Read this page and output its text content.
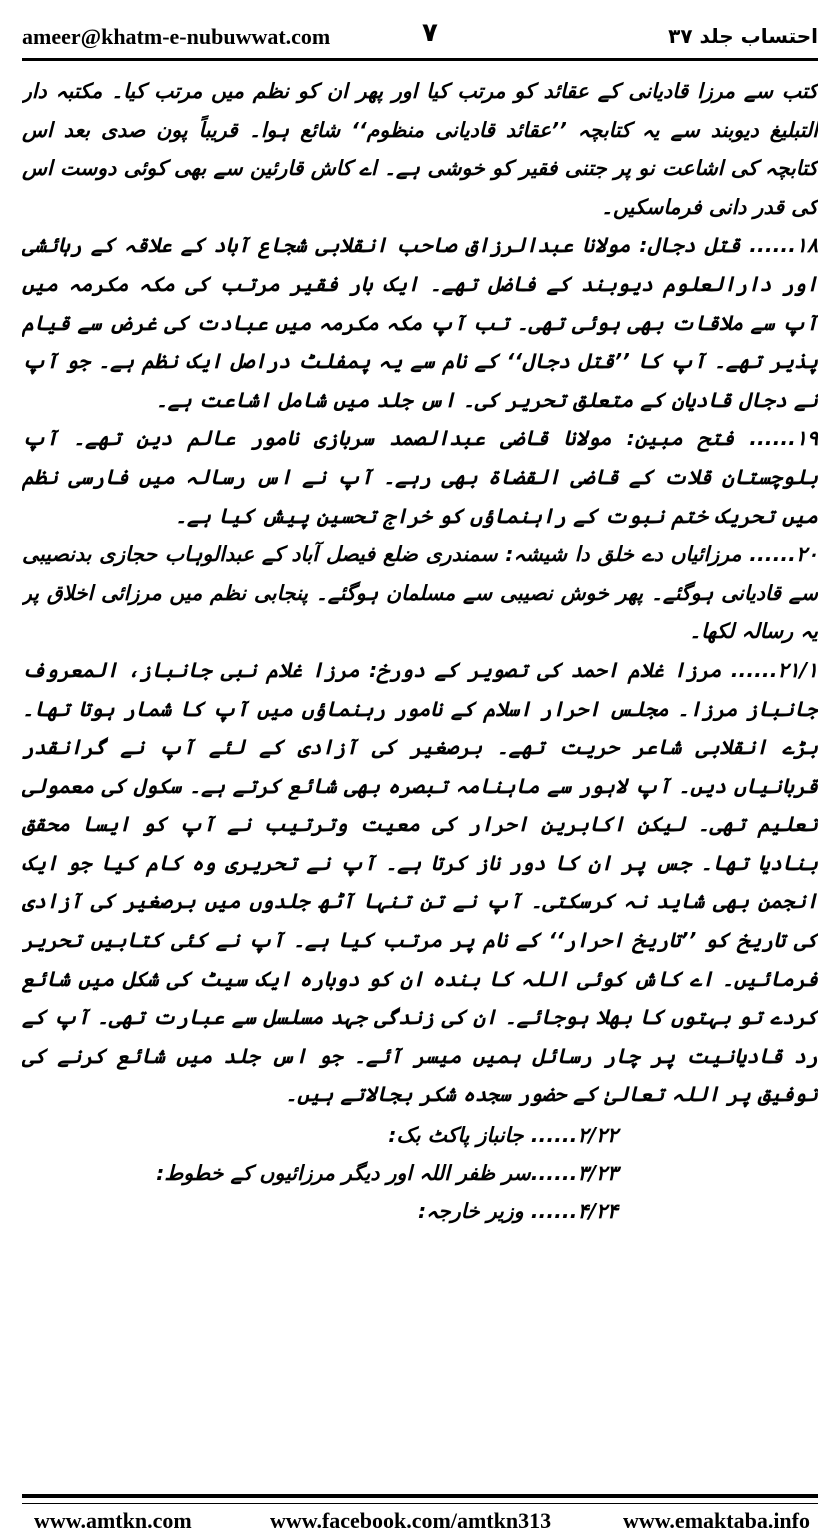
ameer@khatm-e-nubuwwat.com	۷	احتساب جلد ۳۷

کتب سے مرزا قادیانی کے عقائد کو مرتب کیا اور پھر ان کو نظم میں مرتب کیا۔ مکتبہ دار التبلیغ دیوبند سے یہ کتابچہ ’’عقائد قادیانی منظوم‘‘ شائع ہوا۔ قریباً پون صدی بعد اس کتابچہ کی اشاعت نو پر جتنی فقیر کو خوشی ہے۔ اے کاش قارئین سے بھی کوئی دوست اس کی قدر دانی فرماسکیں۔

۱۸...... قتل دجال: مولانا عبدالرزاق صاحب انقلابی شجاع آباد کے علاقہ کے رہائشی اور دارالعلوم دیوبند کے فاضل تھے۔ ایک بار فقیر مرتب کی مکہ مکرمہ میں آپ سے ملاقات بھی ہوئی تھی۔ تب آپ مکہ مکرمہ میں عبادت کی غرض سے قیام پذیر تھے۔ آپ کا ’’قتل دجال‘‘ کے نام سے یہ پمفلٹ دراصل ایک نظم ہے۔ جو آپ نے دجال قادیان کے متعلق تحریر کی۔ اس جلد میں شامل اشاعت ہے۔

۱۹...... فتح مبین: مولانا قاضی عبدالصمد سربازی نامور عالم دین تھے۔ آپ بلوچستان قلات کے قاضی القضاۃ بھی رہے۔ آپ نے اس رسالہ میں فارسی نظم میں تحریک ختم نبوت کے راہنماؤں کو خراج تحسین پیش کیا ہے۔

۲۰...... مرزائیاں دے خلق دا شیشہ: سمندری ضلع فیصل آباد کے عبدالوہاب حجازی بدنصیبی سے قادیانی ہوگئے۔ پھر خوش نصیبی سے مسلمان ہوگئے۔ پنجابی نظم میں مرزائی اخلاق پر یہ رسالہ لکھا۔

۲۱/۱...... مرزا غلام احمد کی تصویر کے دورخ: مرزا غلام نبی جانباز، المعروف جانباز مرزا۔ مجلس احرار اسلام کے نامور رہنماؤں میں آپ کا شمار ہوتا تھا۔ بڑے انقلابی شاعر حریت تھے۔ برصغیر کی آزادی کے لئے آپ نے گرانقدر قربانیاں دیں۔ آپ لاہور سے ماہنامہ تبصرہ بھی شائع کرتے ہے۔ سکول کی معمولی تعلیم تھی۔ لیکن اکابرین احرار کی معیت وترتیب نے آپ کو ایسا محقق بنادیا تھا۔ جس پر ان کا دور ناز کرتا ہے۔ آپ نے تحریری وہ کام کیا جو ایک انجمن بھی شاید نہ کرسکتی۔ آپ نے تن تنہا آٹھ جلدوں میں برصغیر کی آزادی کی تاریخ کو ’’تاریخ احرار‘‘ کے نام پر مرتب کیا ہے۔ آپ نے کئی کتابیں تحریر فرمائیں۔ اے کاش کوئی اللہ کا بندہ ان کو دوبارہ ایک سیٹ کی شکل میں شائع کردے تو بہتوں کا بھلا ہوجائے۔ ان کی زندگی جہد مسلسل سے عبارت تھی۔ آپ کے رد قادیانیت پر چار رسائل ہمیں میسر آئے۔ جو اس جلد میں شائع کرنے کی توفیق پر اللہ تعالیٰ کے حضور سجدہ شکر بجالاتے ہیں۔

۲/۲۲...... جانباز پاکٹ بک:
۳/۲۳......سر ظفر اللہ اور دیگر مرزائیوں کے خطوط:
۴/۲۴...... وزیر خارجہ:
www.amtkn.com	www.facebook.com/amtkn313	www.emaktaba.info
